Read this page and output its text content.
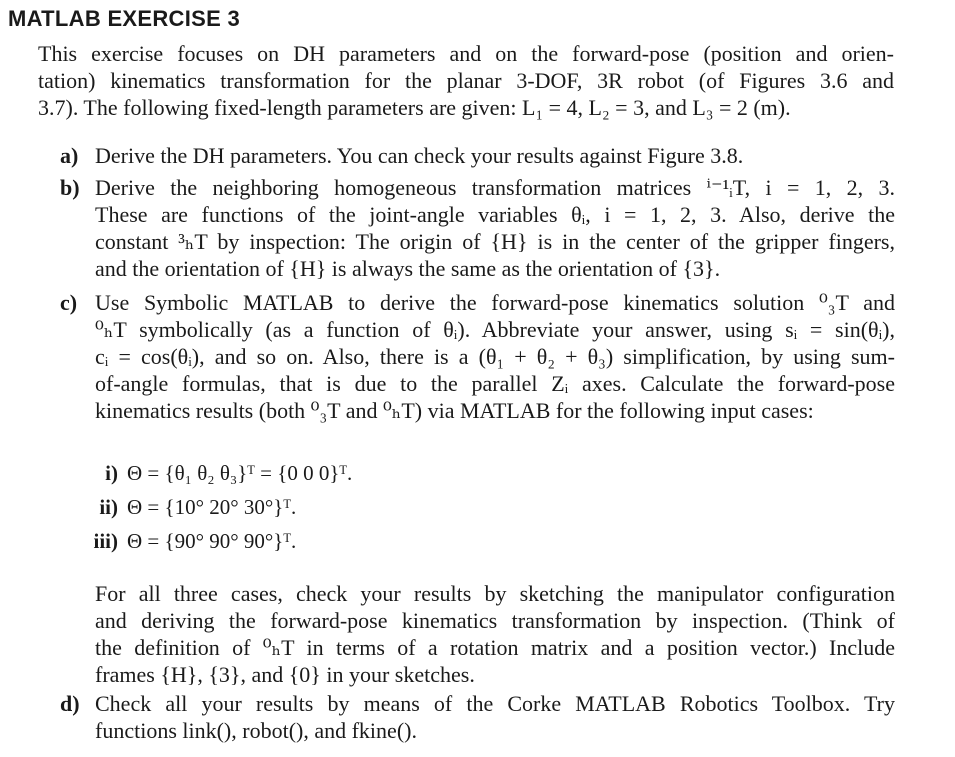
MATLAB EXERCISE 3
This exercise focuses on DH parameters and on the forward-pose (position and orien-
tation) kinematics transformation for the planar 3-DOF, 3R robot (of Figures 3.6 and
3.7). The following fixed-length parameters are given: L₁ = 4, L₂ = 3, and L₃ = 2 (m).
a) Derive the DH parameters. You can check your results against Figure 3.8.
b) Derive the neighboring homogeneous transformation matrices ⁱ⁻¹ᵢT, i = 1, 2, 3.
These are functions of the joint-angle variables θᵢ, i = 1, 2, 3. Also, derive the
constant ³ₕT by inspection: The origin of {H} is in the center of the gripper fingers,
and the orientation of {H} is always the same as the orientation of {3}.
c) Use Symbolic MATLAB to derive the forward-pose kinematics solution ⁰₃T and
⁰ₕT symbolically (as a function of θᵢ). Abbreviate your answer, using sᵢ = sin(θᵢ),
cᵢ = cos(θᵢ), and so on. Also, there is a (θ₁ + θ₂ + θ₃) simplification, by using sum-
of-angle formulas, that is due to the parallel Zᵢ axes. Calculate the forward-pose
kinematics results (both ⁰₃T and ⁰ₕT) via MATLAB for the following input cases:
i) Θ = {θ₁ θ₂ θ₃}ᵀ = {0 0 0}ᵀ.
ii) Θ = {10° 20° 30°}ᵀ.
iii) Θ = {90° 90° 90°}ᵀ.
For all three cases, check your results by sketching the manipulator configuration
and deriving the forward-pose kinematics transformation by inspection. (Think of
the definition of ⁰ₕT in terms of a rotation matrix and a position vector.) Include
frames {H}, {3}, and {0} in your sketches.
d) Check all your results by means of the Corke MATLAB Robotics Toolbox. Try
functions link(), robot(), and fkine().
